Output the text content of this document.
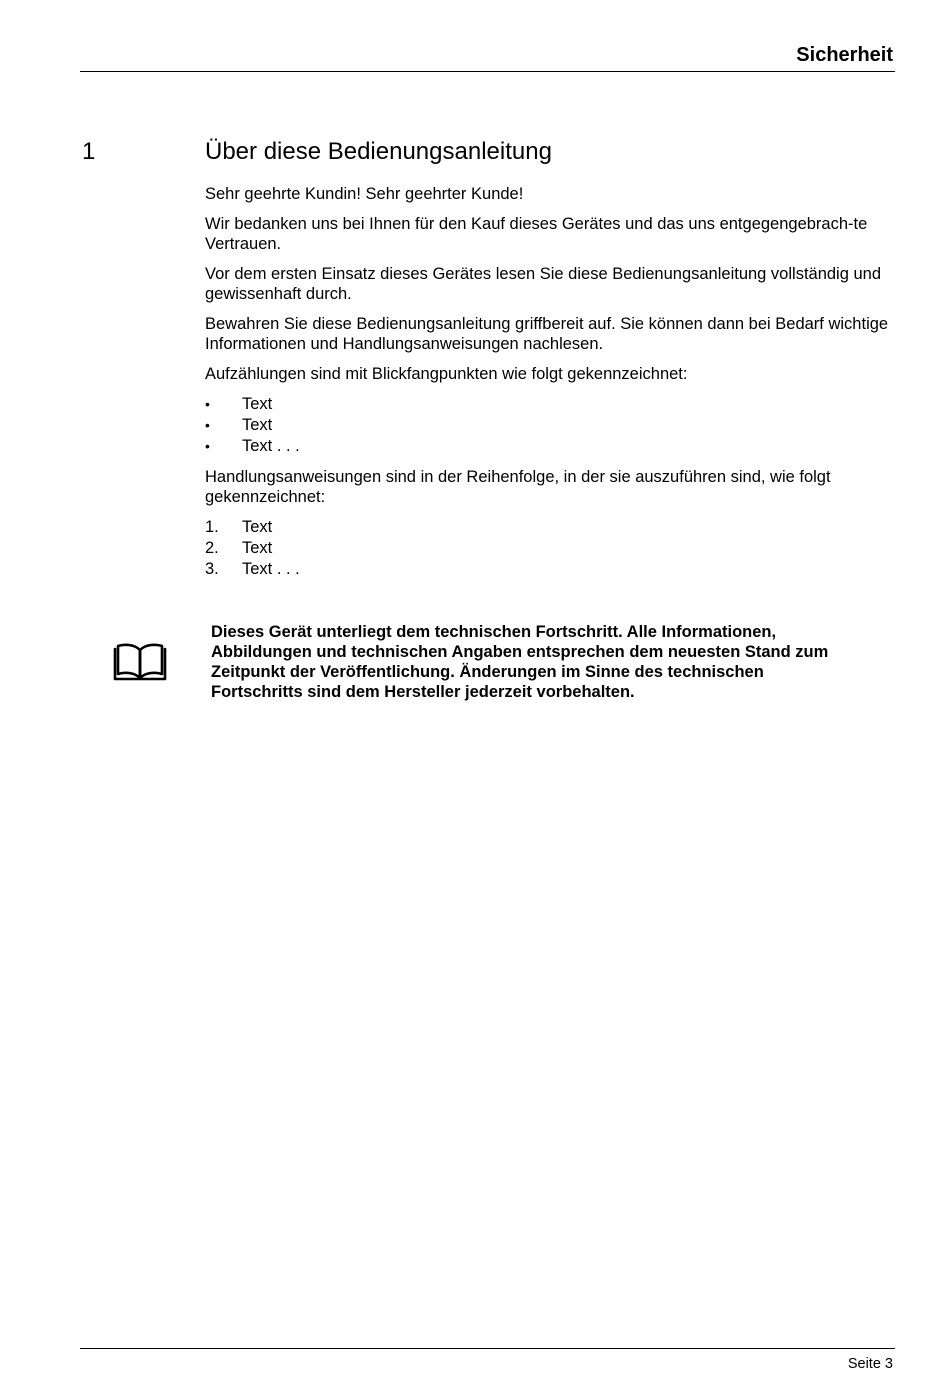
Sicherheit
1	Über diese Bedienungsanleitung

Sehr geehrte Kundin! Sehr geehrter Kunde!

Wir bedanken uns bei Ihnen für den Kauf dieses Gerätes und das uns entgegengebrach-te Vertrauen.

Vor dem ersten Einsatz dieses Gerätes lesen Sie diese Bedienungsanleitung vollständig und gewissenhaft durch.

Bewahren Sie diese Bedienungsanleitung griffbereit auf. Sie können dann bei Bedarf wichtige Informationen und Handlungsanweisungen nachlesen.

Aufzählungen sind mit Blickfangpunkten wie folgt gekennzeichnet:

• Text
• Text
• Text . . .

Handlungsanweisungen sind in der Reihenfolge, in der sie auszuführen sind, wie folgt gekennzeichnet:

1. Text
2. Text
3. Text . . .
Dieses Gerät unterliegt dem technischen Fortschritt. Alle Informationen, Abbildungen und technischen Angaben entsprechen dem neuesten Stand zum Zeitpunkt der Veröffentlichung. Änderungen im Sinne des technischen Fortschritts sind dem Hersteller jederzeit vorbehalten.
Seite 3
